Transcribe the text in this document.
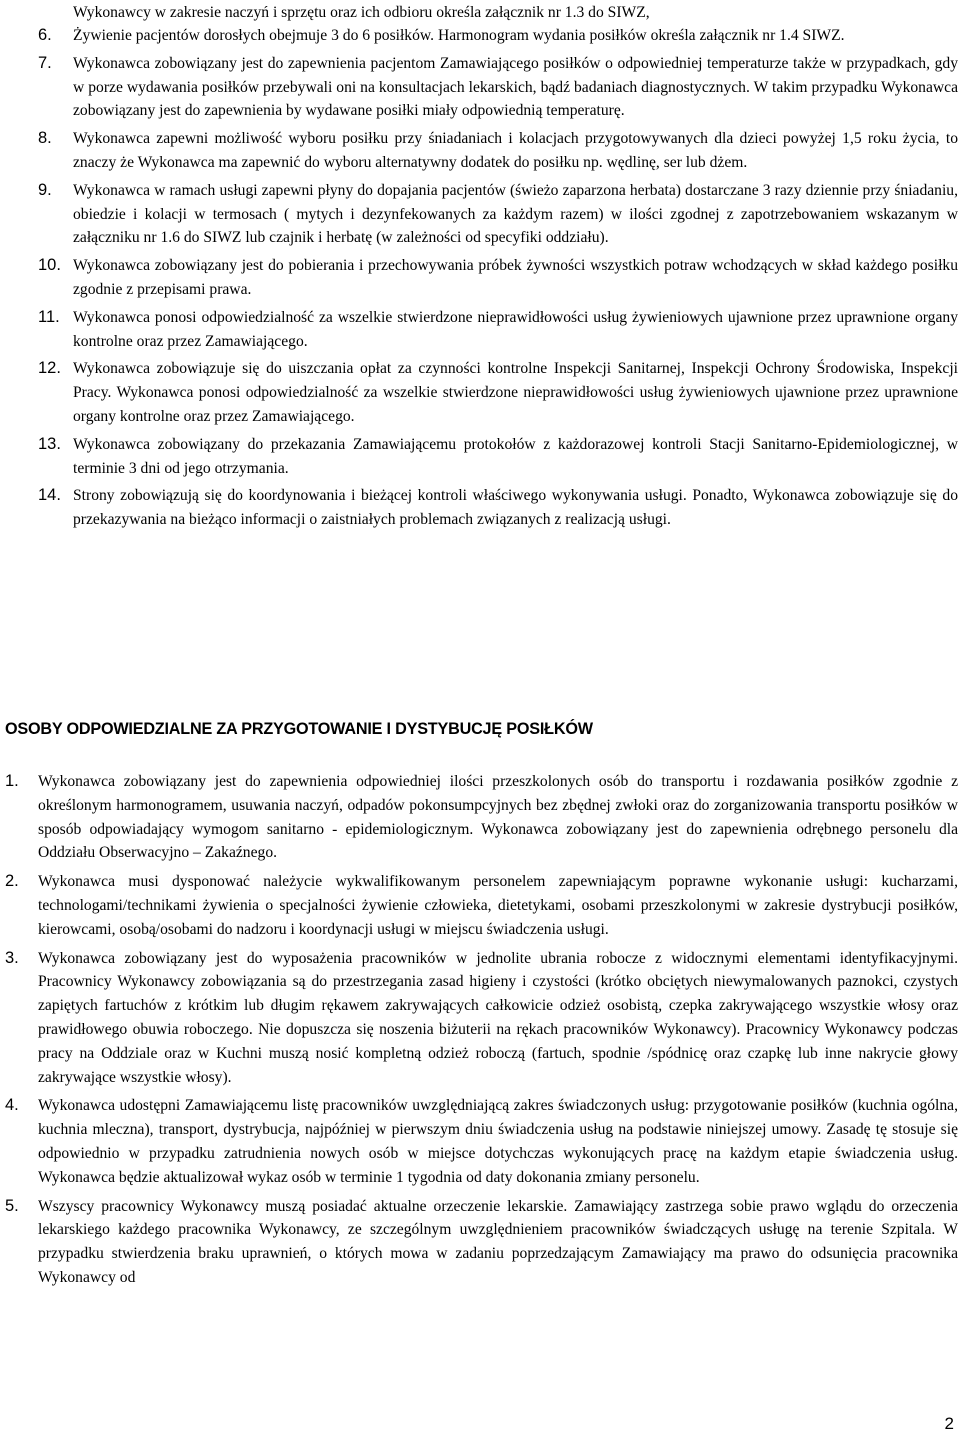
Wykonawcy w zakresie naczyń i sprzętu oraz ich odbioru określa załącznik nr 1.3 do SIWZ,

6. Żywienie pacjentów dorosłych obejmuje 3 do 6 posiłków. Harmonogram wydania posiłków określa załącznik nr 1.4 SIWZ.
7. Wykonawca zobowiązany jest do zapewnienia pacjentom Zamawiającego posiłków o odpowiedniej temperaturze także w przypadkach, gdy w porze wydawania posiłków przebywali oni na konsultacjach lekarskich, bądź badaniach diagnostycznych. W takim przypadku Wykonawca zobowiązany jest do zapewnienia by wydawane posiłki miały odpowiednią temperaturę.
8. Wykonawca zapewni możliwość wyboru posiłku przy śniadaniach i kolacjach przygotowywanych dla dzieci powyżej 1,5 roku życia, to znaczy że Wykonawca ma zapewnić do wyboru alternatywny dodatek do posiłku np. wędlinę, ser lub dżem.
9. Wykonawca w ramach usługi zapewni płyny do dopajania pacjentów (świeżo zaparzona herbata) dostarczane 3 razy dziennie przy śniadaniu, obiedzie i kolacji w termosach ( mytych i dezynfekowanych za każdym razem) w ilości zgodnej z zapotrzebowaniem wskazanym w załączniku nr 1.6 do SIWZ lub czajnik i herbatę (w zależności od specyfiki oddziału).
10. Wykonawca zobowiązany jest do pobierania i przechowywania próbek żywności wszystkich potraw wchodzących w skład każdego posiłku zgodnie z przepisami prawa.
11. Wykonawca ponosi odpowiedzialność za wszelkie stwierdzone nieprawidłowości usług żywieniowych ujawnione przez uprawnione organy kontrolne oraz przez Zamawiającego.
12. Wykonawca zobowiązuje się do uiszczania opłat za czynności kontrolne Inspekcji Sanitarnej, Inspekcji Ochrony Środowiska, Inspekcji Pracy. Wykonawca ponosi odpowiedzialność za wszelkie stwierdzone nieprawidłowości usług żywieniowych ujawnione przez uprawnione organy kontrolne oraz przez Zamawiającego.
13. Wykonawca zobowiązany do przekazania Zamawiającemu protokołów z każdorazowej kontroli Stacji Sanitarno-Epidemiologicznej, w terminie 3 dni od jego otrzymania.
14. Strony zobowiązują się do koordynowania i bieżącej kontroli właściwego wykonywania usługi. Ponadto, Wykonawca zobowiązuje się do przekazywania na bieżąco informacji o zaistniałych problemach związanych z realizacją usługi.
OSOBY ODPOWIEDZIALNE ZA PRZYGOTOWANIE I DYSTYBUCJĘ POSIŁKÓW
1. Wykonawca zobowiązany jest do zapewnienia odpowiedniej ilości przeszkolonych osób do transportu i rozdawania posiłków zgodnie z określonym harmonogramem, usuwania naczyń, odpadów pokonsumpcyjnych bez zbędnej zwłoki oraz do zorganizowania transportu posiłków w sposób odpowiadający wymogom sanitarno - epidemiologicznym. Wykonawca zobowiązany jest do zapewnienia odrębnego personelu dla Oddziału Obserwacyjno – Zakaźnego.
2. Wykonawca musi dysponować należycie wykwalifikowanym personelem zapewniającym poprawne wykonanie usługi: kucharzami, technologami/technikami żywienia o specjalności żywienie człowieka, dietetykami, osobami przeszkolonymi w zakresie dystrybucji posiłków, kierowcami, osobą/osobami do nadzoru i koordynacji usługi w miejscu świadczenia usługi.
3. Wykonawca zobowiązany jest do wyposażenia pracowników w jednolite ubrania robocze z widocznymi elementami identyfikacyjnymi. Pracownicy Wykonawcy zobowiązania są do przestrzegania zasad higieny i czystości (krótko obciętych niewymalowanych paznokci, czystych zapiętych fartuchów z krótkim lub długim rękawem zakrywających całkowicie odzież osobistą, czepka zakrywającego wszystkie włosy oraz prawidłowego obuwia roboczego. Nie dopuszcza się noszenia biżuterii na rękach pracowników Wykonawcy). Pracownicy Wykonawcy podczas pracy na Oddziale oraz w Kuchni muszą nosić kompletną odzież roboczą (fartuch, spodnie /spódnicę oraz czapkę lub inne nakrycie głowy zakrywające wszystkie włosy).
4. Wykonawca udostępni Zamawiającemu listę pracowników uwzględniającą zakres świadczonych usług: przygotowanie posiłków (kuchnia ogólna, kuchnia mleczna), transport, dystrybucja, najpóźniej w pierwszym dniu świadczenia usług na podstawie niniejszej umowy. Zasadę tę stosuje się odpowiednio w przypadku zatrudnienia nowych osób w miejsce dotychczas wykonujących pracę na każdym etapie świadczenia usług. Wykonawca będzie aktualizował wykaz osób w terminie 1 tygodnia od daty dokonania zmiany personelu.
5. Wszyscy pracownicy Wykonawcy muszą posiadać aktualne orzeczenie lekarskie. Zamawiający zastrzega sobie prawo wglądu do orzeczenia lekarskiego każdego pracownika Wykonawcy, ze szczególnym uwzględnieniem pracowników świadczących usługę na terenie Szpitala. W przypadku stwierdzenia braku uprawnień, o których mowa w zadaniu poprzedzającym Zamawiający ma prawo do odsunięcia pracownika Wykonawcy od
2
